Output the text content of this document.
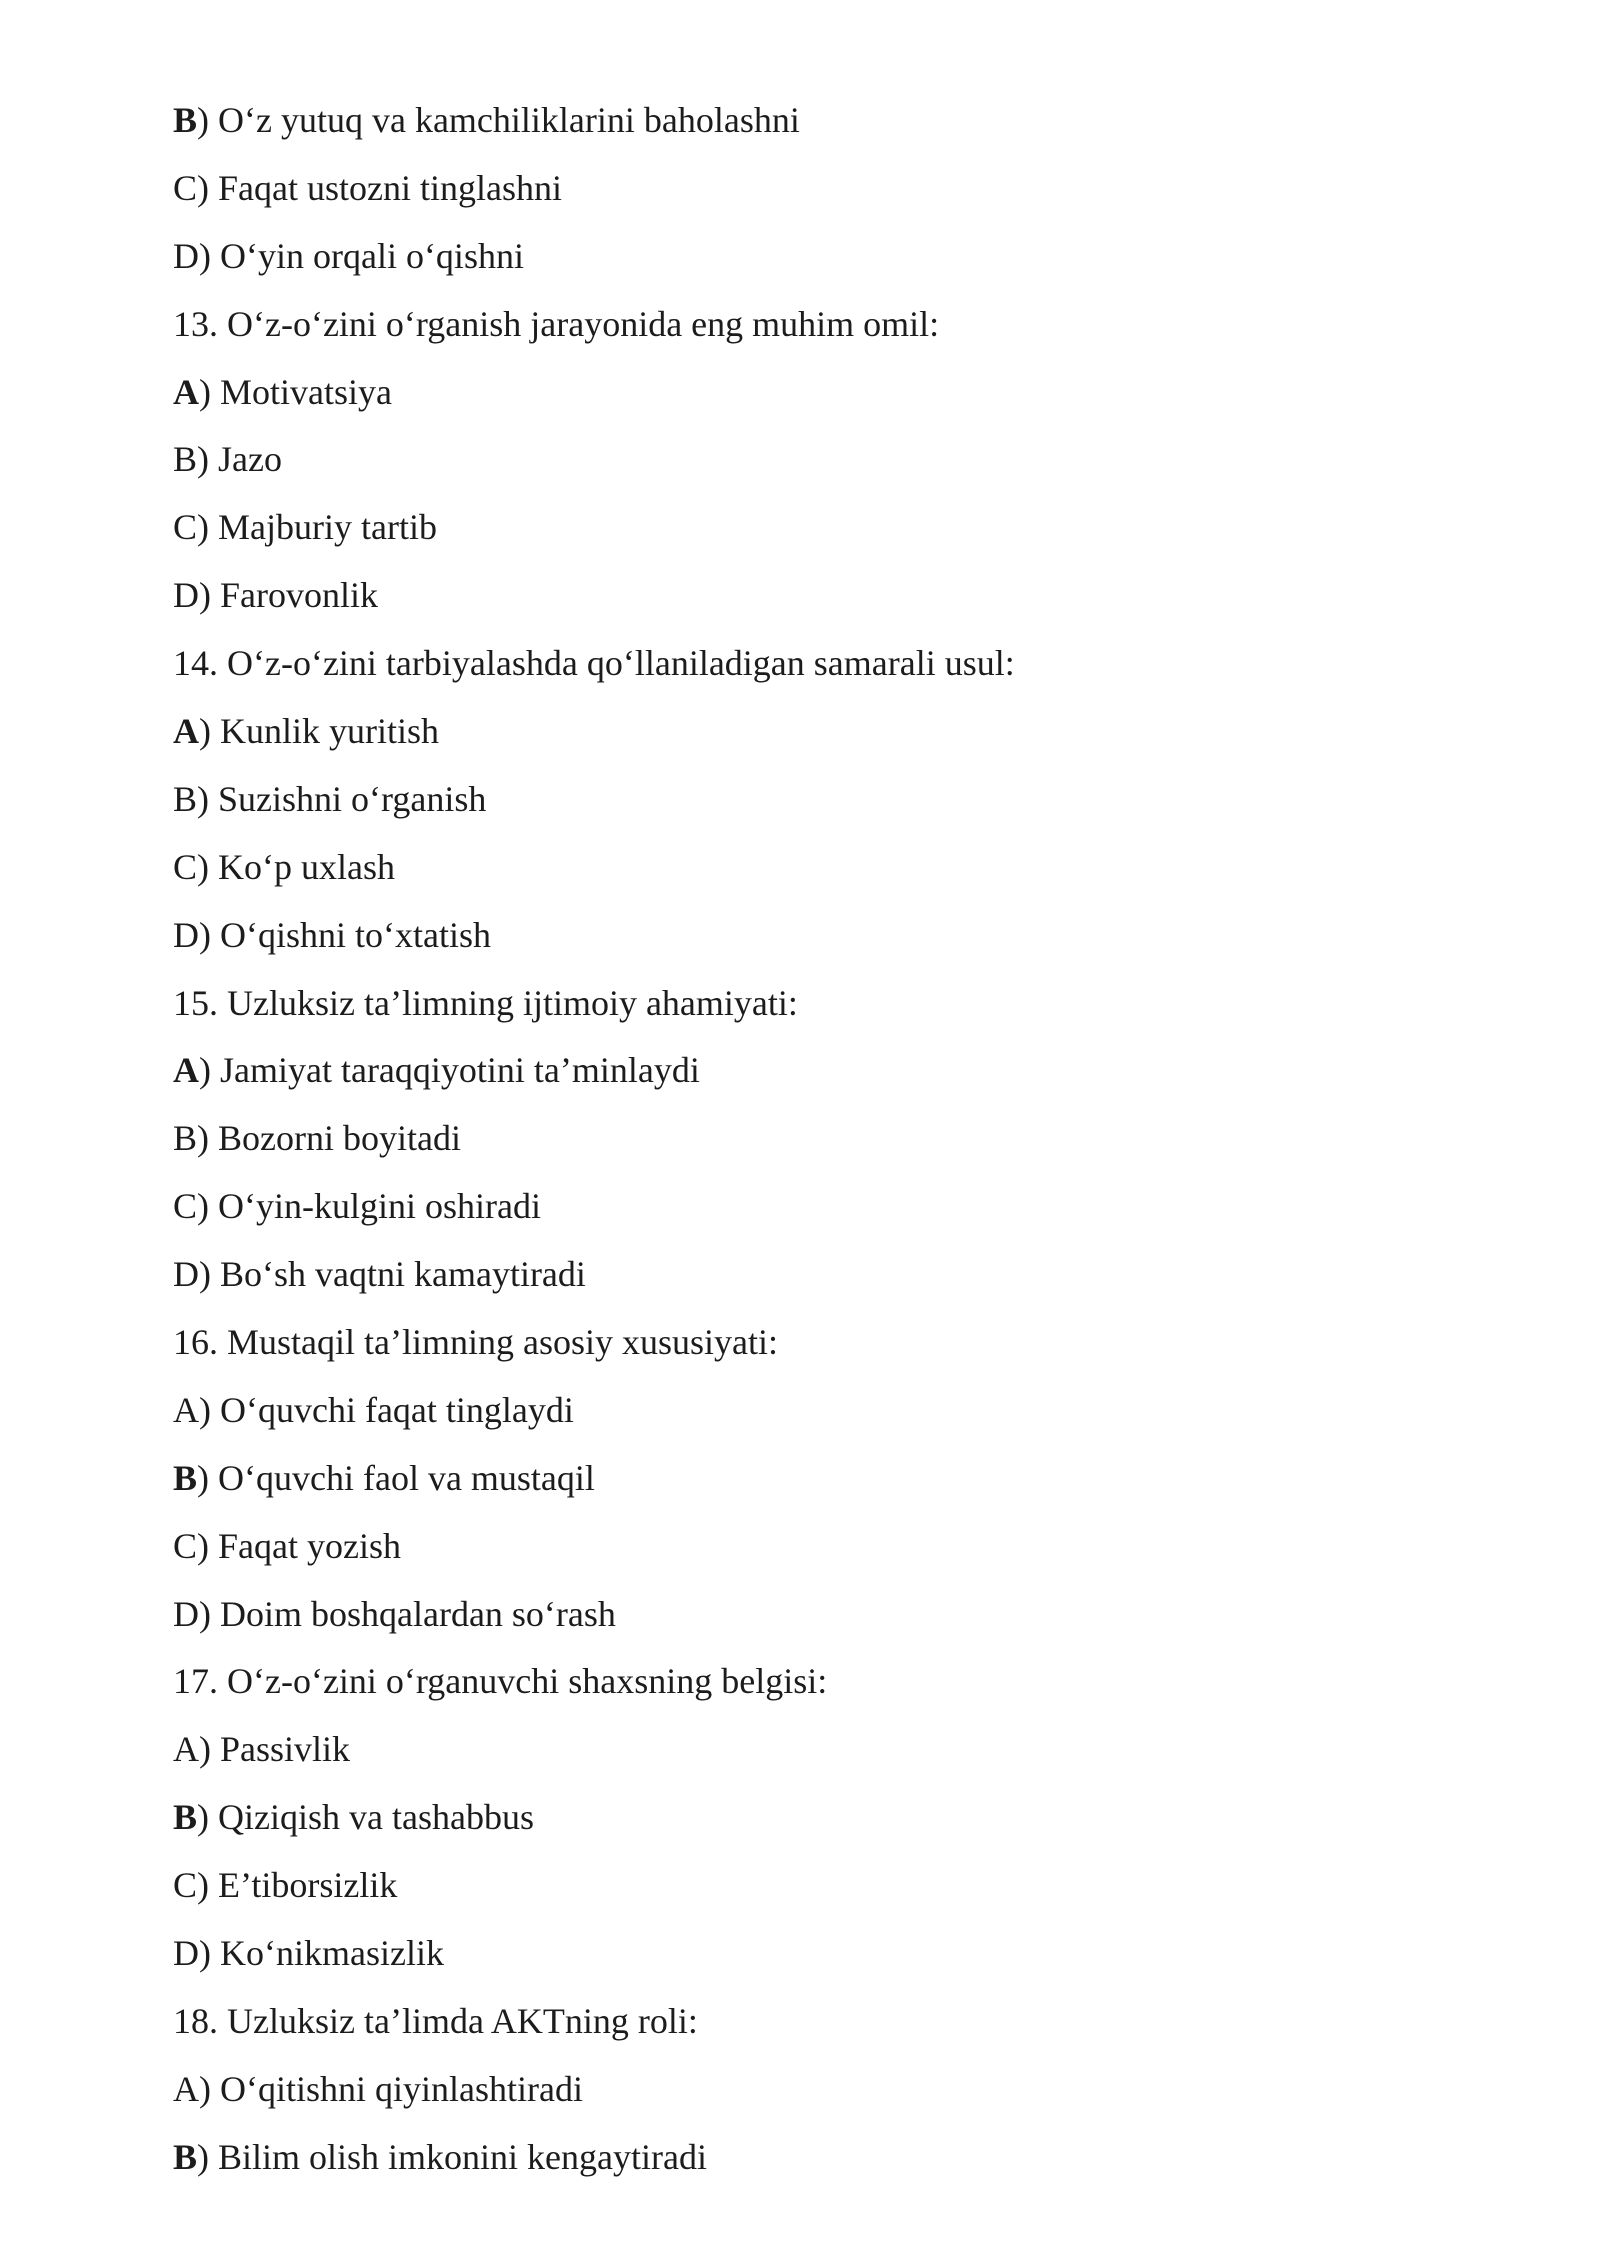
B) O‘z yutuq va kamchiliklarini baholashni
C) Faqat ustozni tinglashni
D) O‘yin orqali o‘qishni
13. O‘z-o‘zini o‘rganish jarayonida eng muhim omil:
A) Motivatsiya
B) Jazo
C) Majburiy tartib
D) Farovonlik
14. O‘z-o‘zini tarbiyalashda qo‘llaniladigan samarali usul:
A) Kunlik yuritish
B) Suzishni o‘rganish
C) Ko‘p uxlash
D) O‘qishni to‘xtatish
15. Uzluksiz ta’limning ijtimoiy ahamiyati:
A) Jamiyat taraqqiyotini ta’minlaydi
B) Bozorni boyitadi
C) O‘yin-kulgini oshiradi
D) Bo‘sh vaqtni kamaytiradi
16. Mustaqil ta’limning asosiy xususiyati:
A) O‘quvchi faqat tinglaydi
B) O‘quvchi faol va mustaqil
C) Faqat yozish
D) Doim boshqalardan so‘rash
17. O‘z-o‘zini o‘rganuvchi shaxsning belgisi:
A) Passivlik
B) Qiziqish va tashabbus
C) E’tiborsizlik
D) Ko‘nikmasizlik
18. Uzluksiz ta’limda AKTning roli:
A) O‘qitishni qiyinlashtiradi
B) Bilim olish imkonini kengaytiradi
